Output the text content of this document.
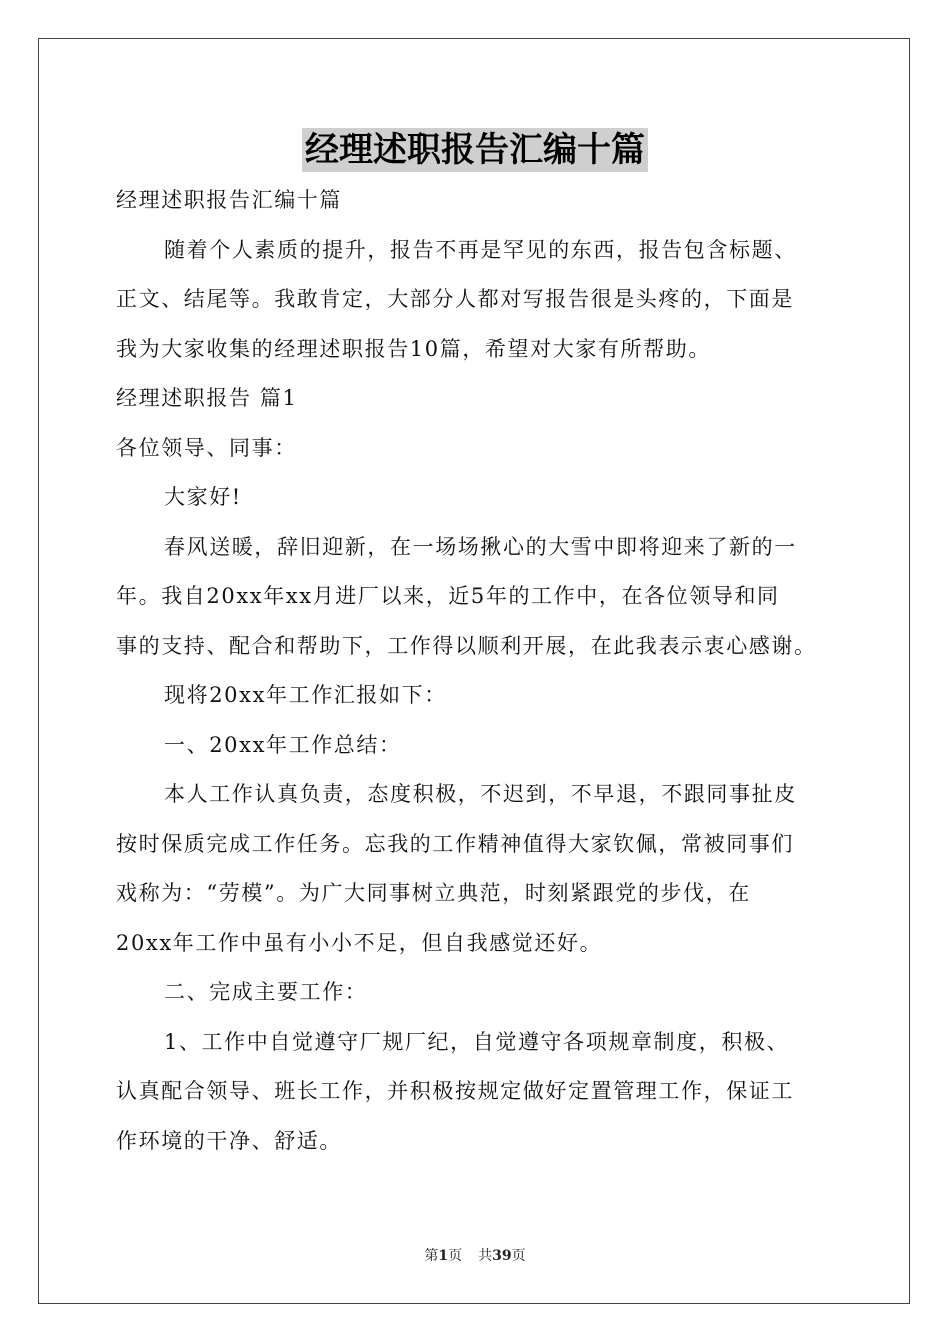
经理述职报告汇编十篇
经理述职报告汇编十篇
随着个人素质的提升，报告不再是罕见的东西，报告包含标题、
正文、结尾等。我敢肯定，大部分人都对写报告很是头疼的，下面是
我为大家收集的经理述职报告10篇，希望对大家有所帮助。
经理述职报告 篇1
各位领导、同事：
大家好!
春风送暖，辞旧迎新，在一场场揪心的大雪中即将迎来了新的一
年。我自20xx年xx月进厂以来，近5年的工作中，在各位领导和同
事的支持、配合和帮助下，工作得以顺利开展，在此我表示衷心感谢。
现将20xx年工作汇报如下：
一、20xx年工作总结：
本人工作认真负责，态度积极，不迟到，不早退，不跟同事扯皮
按时保质完成工作任务。忘我的工作精神值得大家钦佩，常被同事们
戏称为：“劳模”。为广大同事树立典范，时刻紧跟党的步伐，在
20xx年工作中虽有小小不足，但自我感觉还好。
二、完成主要工作：
1、工作中自觉遵守厂规厂纪，自觉遵守各项规章制度，积极、
认真配合领导、班长工作，并积极按规定做好定置管理工作，保证工
作环境的干净、舒适。
第1页 共39页
